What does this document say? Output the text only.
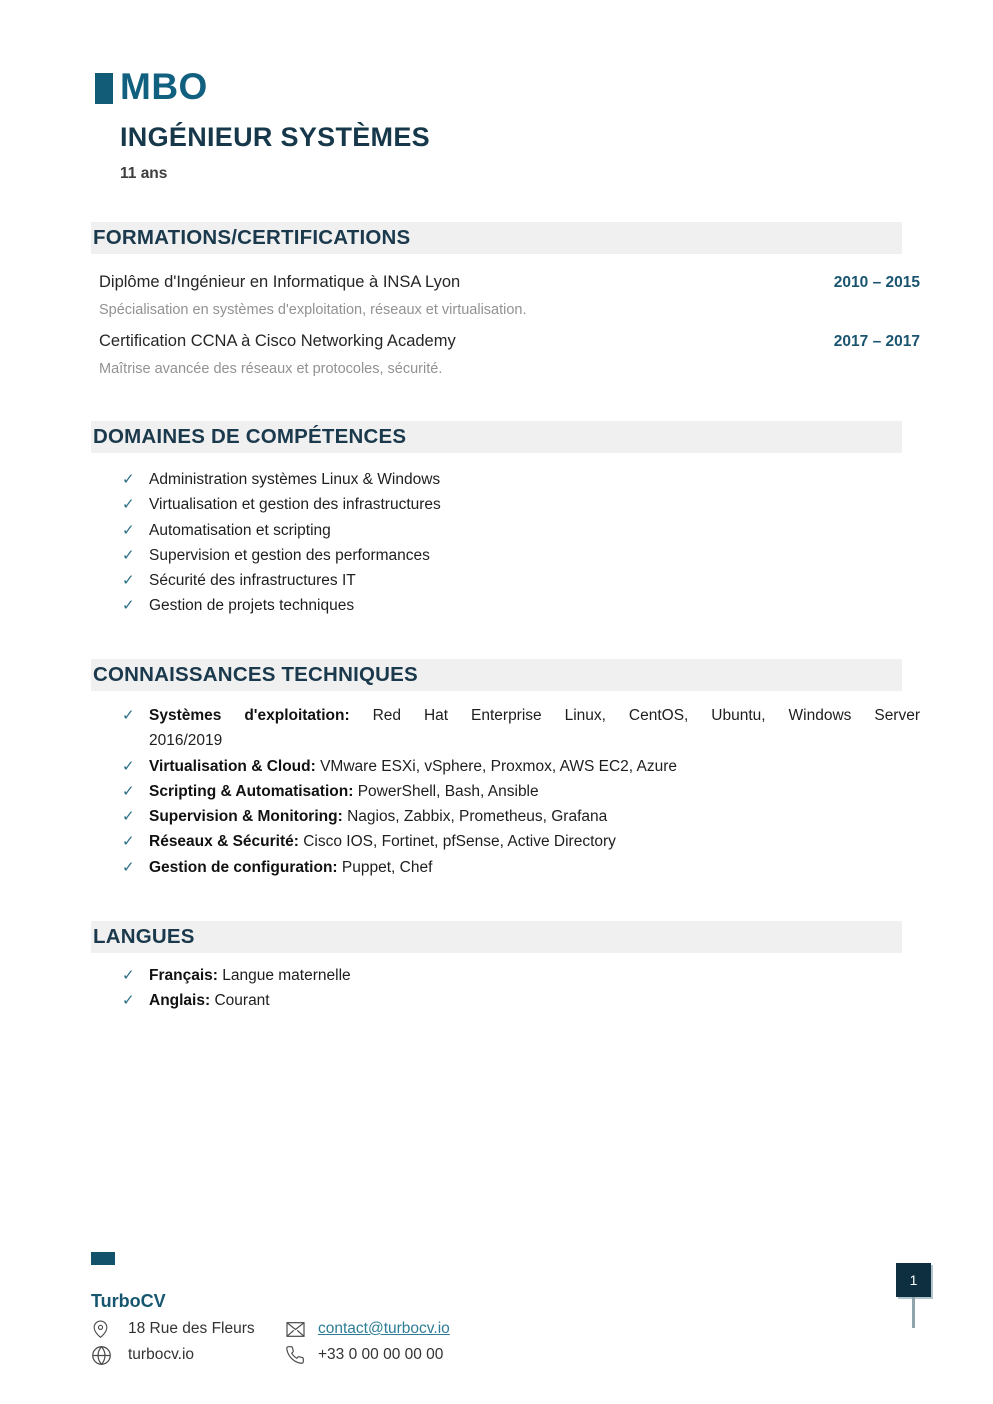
MBO
INGÉNIEUR SYSTÈMES
11 ans
FORMATIONS/CERTIFICATIONS
Diplôme d'Ingénieur en Informatique à INSA Lyon	2010 – 2015
Spécialisation en systèmes d'exploitation, réseaux et virtualisation.
Certification CCNA à Cisco Networking Academy	2017 – 2017
Maîtrise avancée des réseaux et protocoles, sécurité.
DOMAINES DE COMPÉTENCES
✓ Administration systèmes Linux & Windows
✓ Virtualisation et gestion des infrastructures
✓ Automatisation et scripting
✓ Supervision et gestion des performances
✓ Sécurité des infrastructures IT
✓ Gestion de projets techniques
CONNAISSANCES TECHNIQUES
✓ Systèmes d'exploitation: Red Hat Enterprise Linux, CentOS, Ubuntu, Windows Server
2016/2019
✓ Virtualisation & Cloud: VMware ESXi, vSphere, Proxmox, AWS EC2, Azure
✓ Scripting & Automatisation: PowerShell, Bash, Ansible
✓ Supervision & Monitoring: Nagios, Zabbix, Prometheus, Grafana
✓ Réseaux & Sécurité: Cisco IOS, Fortinet, pfSense, Active Directory
✓ Gestion de configuration: Puppet, Chef
LANGUES
✓ Français: Langue maternelle
✓ Anglais: Courant
TurboCV
18 Rue des Fleurs	contact@turbocv.io
turbocv.io	+33 0 00 00 00 00
1
